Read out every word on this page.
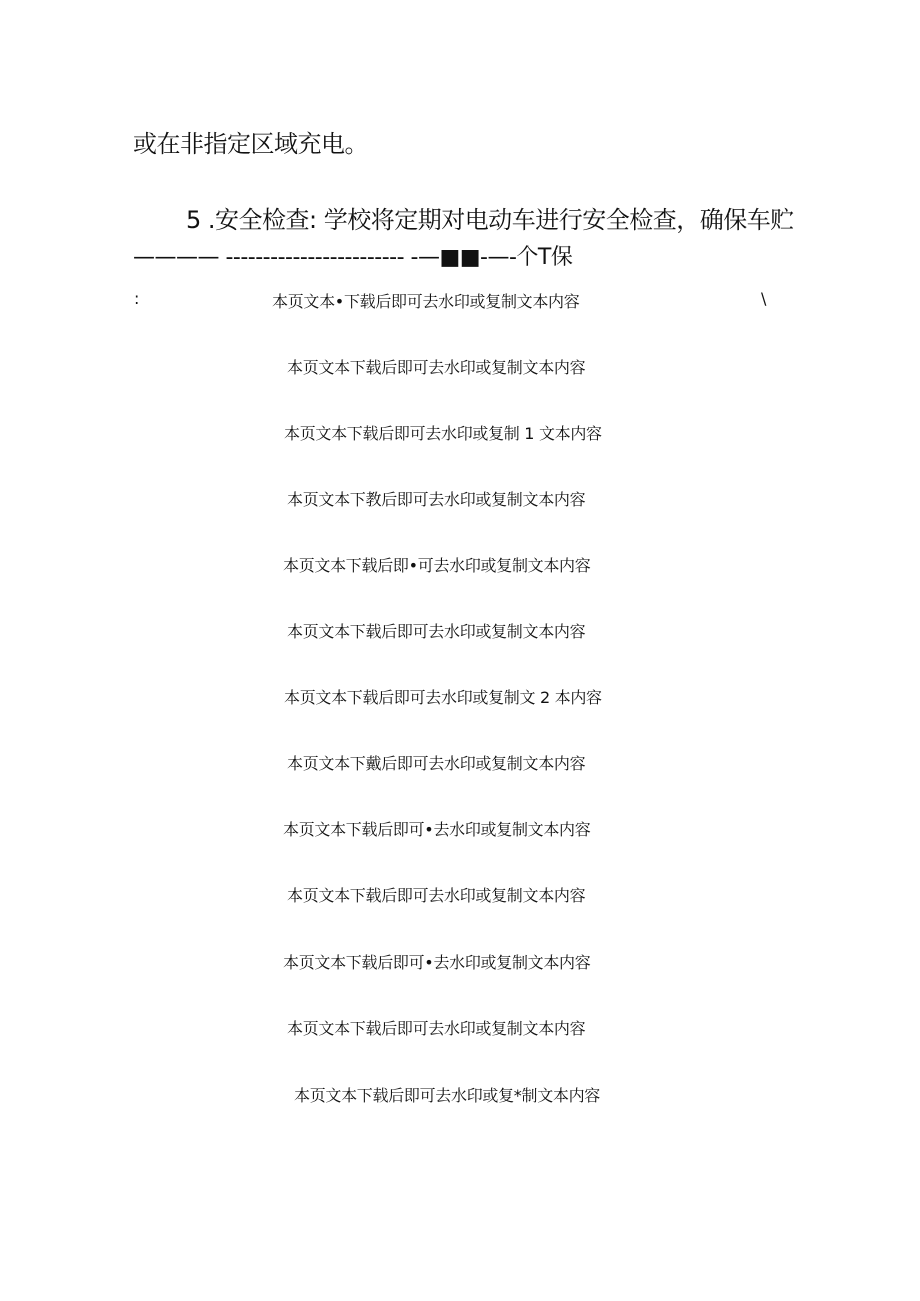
或在非指定区域充电。
5 .安全检查: 学校将定期对电动车进行安全检查，确保车贮
———— ------------------------ -—■■-—-个T保
:	\
本页文本•下载后即可去水印或复制文本内容
本页文本下载后即可去水印或复制文本内容
本页文本下载后即可去水印或复制 1 文本内容
本页文本下教后即可去水印或复制文本内容
本页文本下载后即•可去水印或复制文本内容
本页文本下载后即可去水印或复制文本内容
本页文本下载后即可去水印或复制文 2 本内容
本页文本下戴后即可去水印或复制文本内容
本页文本下载后即可•去水印或复制文本内容
本页文本下载后即可去水印或复制文本内容
本页文本下载后即可•去水印或复制文本内容
本页文本下载后即可去水印或复制文本内容
本页文本下载后即可去水印或复*制文本内容
